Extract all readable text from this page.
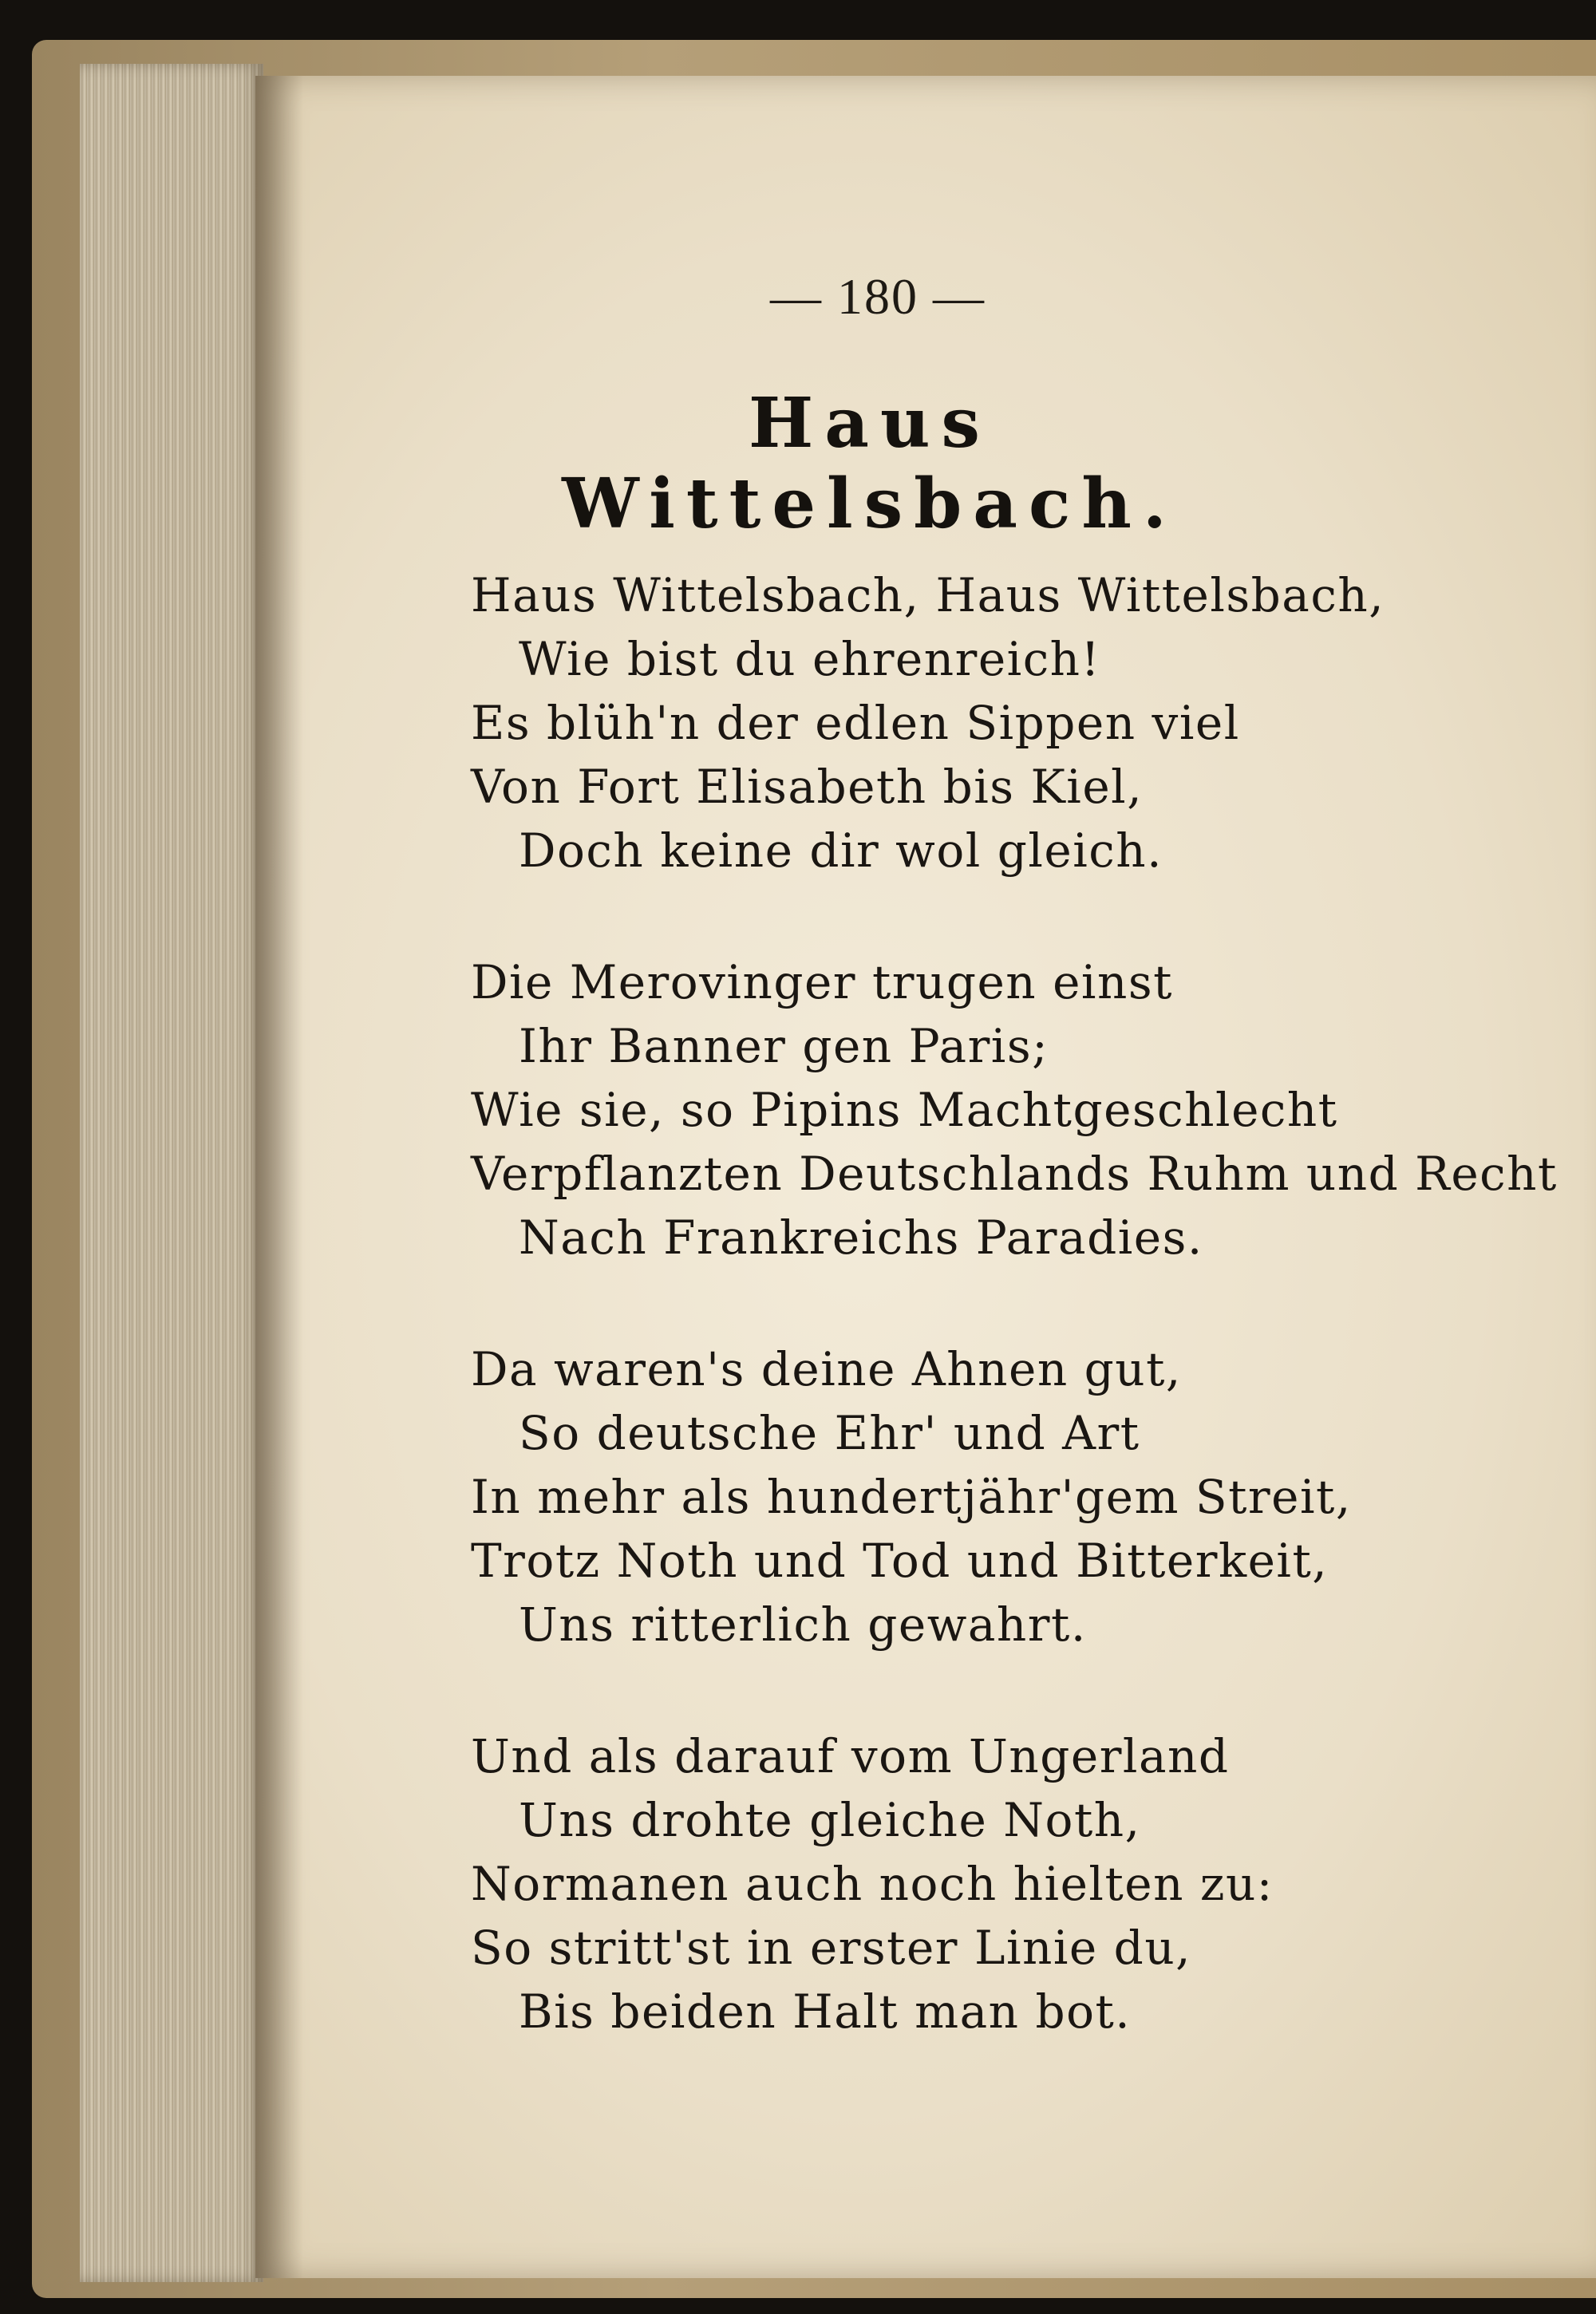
— 180 —
Haus Wittelsbach.
Haus Wittelsbach, Haus Wittelsbach,
Wie bist du ehrenreich!
Es blüh'n der edlen Sippen viel
Von Fort Elisabeth bis Kiel,
Doch keine dir wol gleich.
Die Merovinger trugen einst
Ihr Banner gen Paris;
Wie sie, so Pipins Machtgeschlecht
Verpflanzten Deutschlands Ruhm und Recht
Nach Frankreichs Paradies.
Da waren's deine Ahnen gut,
So deutsche Ehr' und Art
In mehr als hundertjähr'gem Streit,
Trotz Noth und Tod und Bitterkeit,
Uns ritterlich gewahrt.
Und als darauf vom Ungerland
Uns drohte gleiche Noth,
Normanen auch noch hielten zu:
So stritt'st in erster Linie du,
Bis beiden Halt man bot.
